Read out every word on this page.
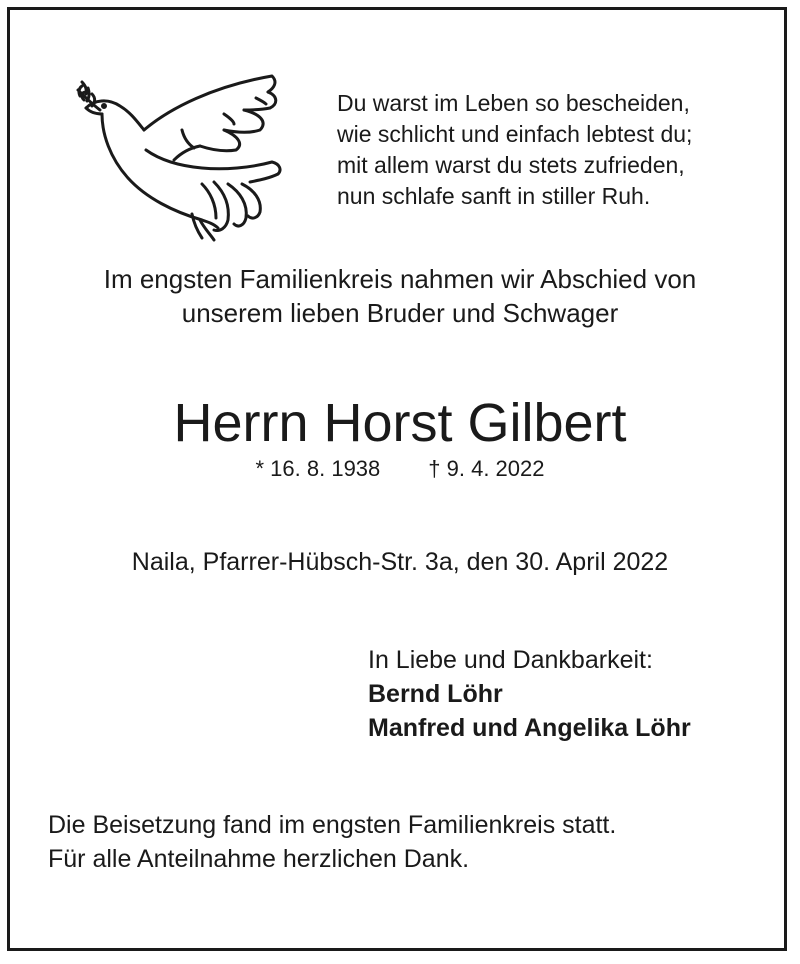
Du warst im Leben so bescheiden,
wie schlicht und einfach lebtest du;
mit allem warst du stets zufrieden,
nun schlafe sanft in stiller Ruh.
Im engsten Familienkreis nahmen wir Abschied von
unserem lieben Bruder und Schwager
Herrn Horst Gilbert
* 16. 8. 1938 † 9. 4. 2022
Naila, Pfarrer-Hübsch-Str. 3a, den 30. April 2022
In Liebe und Dankbarkeit:
Bernd Löhr
Manfred und Angelika Löhr
Die Beisetzung fand im engsten Familienkreis statt.
Für alle Anteilnahme herzlichen Dank.
